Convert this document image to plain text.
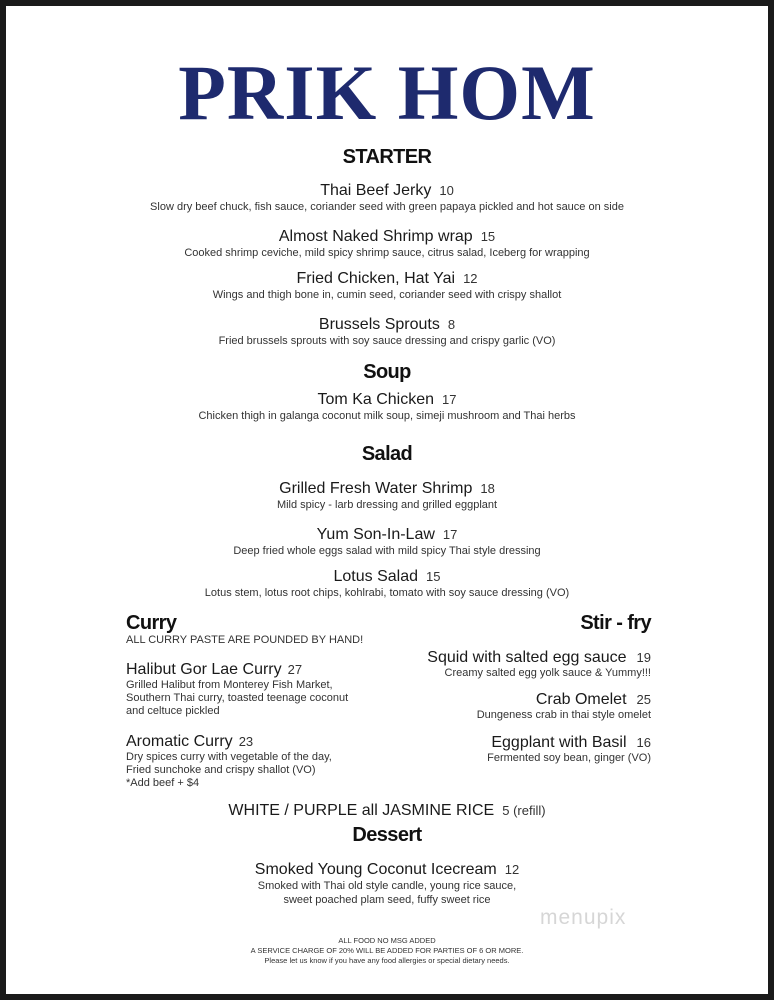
PRIK HOM
STARTER
Thai Beef Jerky 10
Slow dry beef chuck, fish sauce, coriander seed with green papaya pickled and hot sauce on side
Almost Naked Shrimp wrap 15
Cooked shrimp ceviche, mild spicy shrimp sauce, citrus salad, Iceberg for wrapping
Fried Chicken, Hat Yai 12
Wings and thigh bone in, cumin seed, coriander seed with crispy shallot
Brussels Sprouts 8
Fried brussels sprouts with soy sauce dressing and crispy garlic (VO)
Soup
Tom Ka Chicken 17
Chicken thigh in galanga coconut milk soup, simeji mushroom and Thai herbs
Salad
Grilled Fresh Water Shrimp 18
Mild spicy - larb dressing and grilled eggplant
Yum Son-In-Law 17
Deep fried whole eggs salad with mild spicy Thai style dressing
Lotus Salad 15
Lotus stem, lotus root chips, kohlrabi, tomato with soy sauce dressing (VO)
Curry
ALL CURRY PASTE ARE POUNDED BY HAND!
Halibut Gor Lae Curry 27
Grilled Halibut from Monterey Fish Market,
Southern Thai curry, toasted teenage coconut
and celtuce pickled
Aromatic Curry 23
Dry spices curry with vegetable of the day,
Fried sunchoke and crispy shallot (VO)
*Add beef + $4
Stir - fry
Squid with salted egg sauce 19
Creamy salted egg yolk sauce & Yummy!!!
Crab Omelet 25
Dungeness crab in thai style omelet
Eggplant with Basil 16
Fermented soy bean, ginger (VO)
WHITE / PURPLE all JASMINE RICE 5 (refill)
Dessert
Smoked Young Coconut Icecream 12
Smoked with Thai old style candle, young rice sauce,
sweet poached plam seed, fuffy sweet rice
menupix
ALL FOOD NO MSG ADDED
A SERVICE CHARGE OF 20% WILL BE ADDED FOR PARTIES OF 6 OR MORE.
Please let us know if you have any food allergies or special dietary needs.
